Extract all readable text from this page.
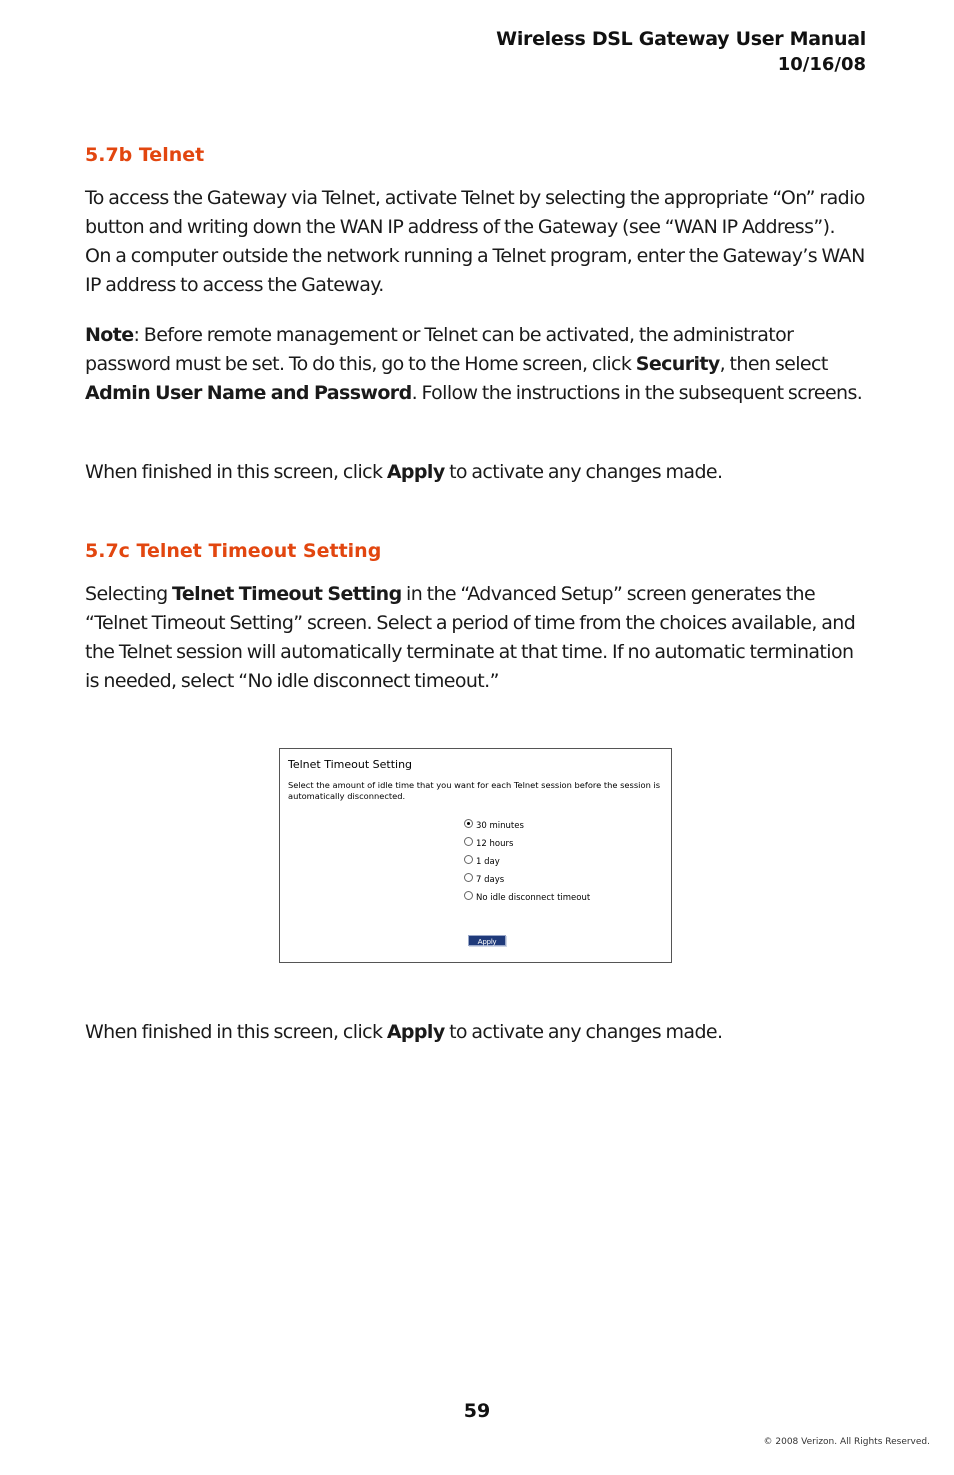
Wireless DSL Gateway User Manual
10/16/08
5.7b Telnet

To access the Gateway via Telnet, activate Telnet by selecting the appropriate “On” radio button and writing down the WAN IP address of the Gateway (see “WAN IP Address”). On a computer outside the network running a Telnet program, enter the Gateway’s WAN IP address to access the Gateway.

Note: Before remote management or Telnet can be activated, the administrator password must be set. To do this, go to the Home screen, click Security, then select Admin User Name and Password. Follow the instructions in the subsequent screens.

When finished in this screen, click Apply to activate any changes made.

5.7c Telnet Timeout Setting

Selecting Telnet Timeout Setting in the “Advanced Setup” screen generates the “Telnet Timeout Setting” screen. Select a period of time from the choices available, and the Telnet session will automatically terminate at that time. If no automatic termination is needed, select “No idle disconnect timeout.”

Telnet Timeout Setting
Select the amount of idle time that you want for each Telnet session before the session is automatically disconnected.
30 minutes
12 hours
1 day
7 days
No idle disconnect timeout
Apply

When finished in this screen, click Apply to activate any changes made.

59
© 2008 Verizon. All Rights Reserved.
